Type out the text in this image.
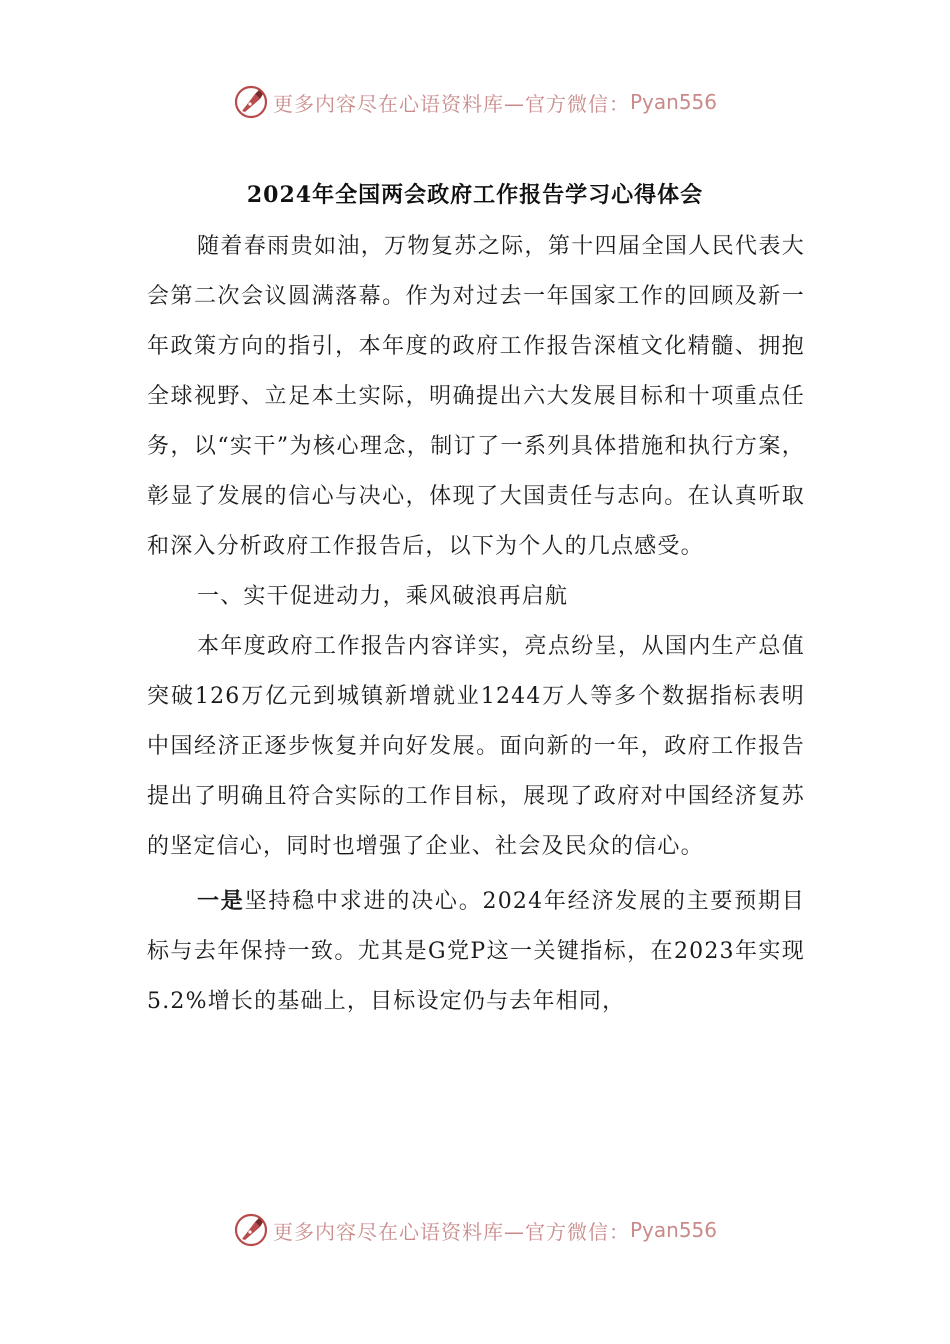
更多内容尽在心语资料库—官方微信： Pyan556
2024年全国两会政府工作报告学习心得体会

随着春雨贵如油，万物复苏之际，第十四届全国人民代表大会第二次会议圆满落幕。作为对过去一年国家工作的回顾及新一年政策方向的指引，本年度的政府工作报告深植文化精髓、拥抱全球视野、立足本土实际，明确提出六大发展目标和十项重点任务，以“实干”为核心理念，制订了一系列具体措施和执行方案，彰显了发展的信心与决心，体现了大国责任与志向。在认真听取和深入分析政府工作报告后，以下为个人的几点感受。

一、实干促进动力，乘风破浪再启航

本年度政府工作报告内容详实，亮点纷呈，从国内生产总值突破126万亿元到城镇新增就业1244万人等多个数据指标表明中国经济正逐步恢复并向好发展。面向新的一年，政府工作报告提出了明确且符合实际的工作目标，展现了政府对中国经济复苏的坚定信心，同时也增强了企业、社会及民众的信心。

一是坚持稳中求进的决心。2024年经济发展的主要预期目标与去年保持一致。尤其是G党P这一关键指标，在2023年实现5.2%增长的基础上，目标设定仍与去年相同，

更多内容尽在心语资料库—官方微信： Pyan556
